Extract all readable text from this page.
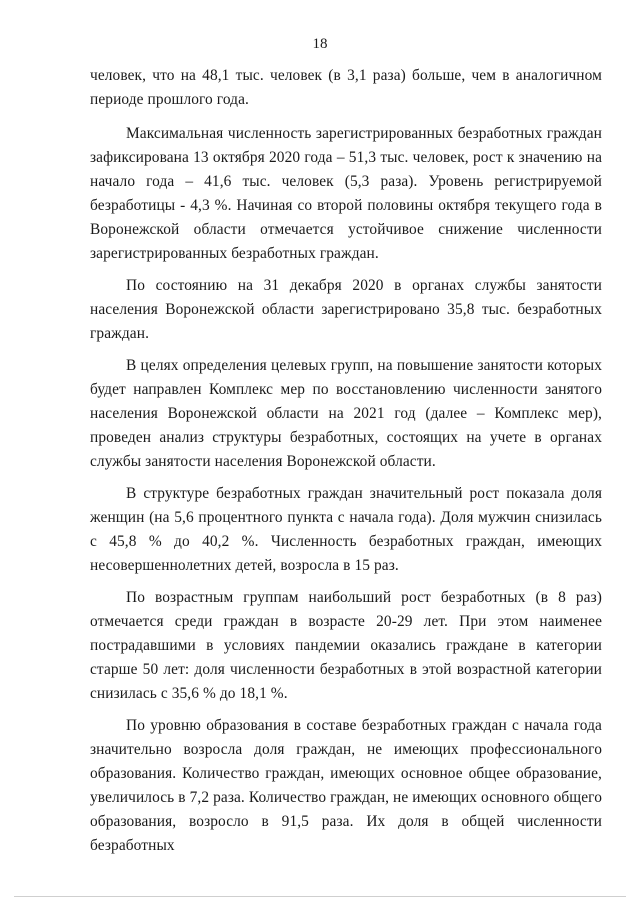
18

человек, что на 48,1 тыс. человек (в 3,1 раза) больше, чем в аналогичном периоде прошлого года.

Максимальная численность зарегистрированных безработных граждан зафиксирована 13 октября 2020 года – 51,3 тыс. человек, рост к значению на начало года – 41,6 тыс. человек (5,3 раза). Уровень регистрируемой безработицы - 4,3 %. Начиная со второй половины октября текущего года в Воронежской области отмечается устойчивое снижение численности зарегистрированных безработных граждан.

По состоянию на 31 декабря 2020 в органах службы занятости населения Воронежской области зарегистрировано 35,8 тыс. безработных граждан.

В целях определения целевых групп, на повышение занятости которых будет направлен Комплекс мер по восстановлению численности занятого населения Воронежской области на 2021 год (далее – Комплекс мер), проведен анализ структуры безработных, состоящих на учете в органах службы занятости населения Воронежской области.

В структуре безработных граждан значительный рост показала доля женщин (на 5,6 процентного пункта с начала года). Доля мужчин снизилась с 45,8 % до 40,2 %. Численность безработных граждан, имеющих несовершеннолетних детей, возросла в 15 раз.

По возрастным группам наибольший рост безработных (в 8 раз) отмечается среди граждан в возрасте 20-29 лет. При этом наименее пострадавшими в условиях пандемии оказались граждане в категории старше 50 лет: доля численности безработных в этой возрастной категории снизилась с 35,6 % до 18,1 %.

По уровню образования в составе безработных граждан с начала года значительно возросла доля граждан, не имеющих профессионального образования. Количество граждан, имеющих основное общее образование, увеличилось в 7,2 раза. Количество граждан, не имеющих основного общего образования, возросло в 91,5 раза. Их доля в общей численности безработных
